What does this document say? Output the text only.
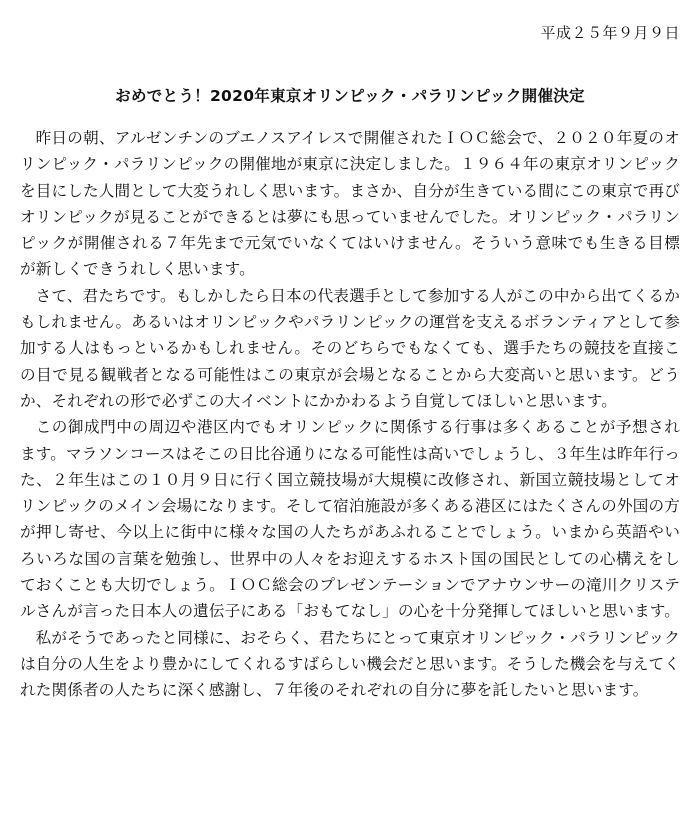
平成２５年９月９日
おめでとう！2020年東京オリンピック・パラリンピック開催決定

昨日の朝、アルゼンチンのブエノスアイレスで開催されたＩＯＣ総会で、２０２０年夏のオリンピック・パラリンピックの開催地が東京に決定しました。１９６４年の東京オリンピックを目にした人間として大変うれしく思います。まさか、自分が生きている間にこの東京で再びオリンピックが見ることができるとは夢にも思っていませんでした。オリンピック・パラリンピックが開催される７年先まで元気でいなくてはいけません。そういう意味でも生きる目標が新しくできうれしく思います。

さて、君たちです。もしかしたら日本の代表選手として参加する人がこの中から出てくるかもしれません。あるいはオリンピックやパラリンピックの運営を支えるボランティアとして参加する人はもっといるかもしれません。そのどちらでもなくても、選手たちの競技を直接この目で見る観戦者となる可能性はこの東京が会場となることから大変高いと思います。どうか、それぞれの形で必ずこの大イベントにかかわるよう自覚してほしいと思います。

この御成門中の周辺や港区内でもオリンピックに関係する行事は多くあることが予想されます。マラソンコースはそこの日比谷通りになる可能性は高いでしょうし、３年生は昨年行った、２年生はこの１０月９日に行く国立競技場が大規模に改修され、新国立競技場としてオリンピックのメイン会場になります。そして宿泊施設が多くある港区にはたくさんの外国の方が押し寄せ、今以上に街中に様々な国の人たちがあふれることでしょう。いまから英語やいろいろな国の言葉を勉強し、世界中の人々をお迎えするホスト国の国民としての心構えをしておくことも大切でしょう。ＩＯＣ総会のプレゼンテーションでアナウンサーの滝川クリステルさんが言った日本人の遺伝子にある「おもてなし」の心を十分発揮してほしいと思います。

私がそうであったと同様に、おそらく、君たちにとって東京オリンピック・パラリンピックは自分の人生をより豊かにしてくれるすばらしい機会だと思います。そうした機会を与えてくれた関係者の人たちに深く感謝し、７年後のそれぞれの自分に夢を託したいと思います。
